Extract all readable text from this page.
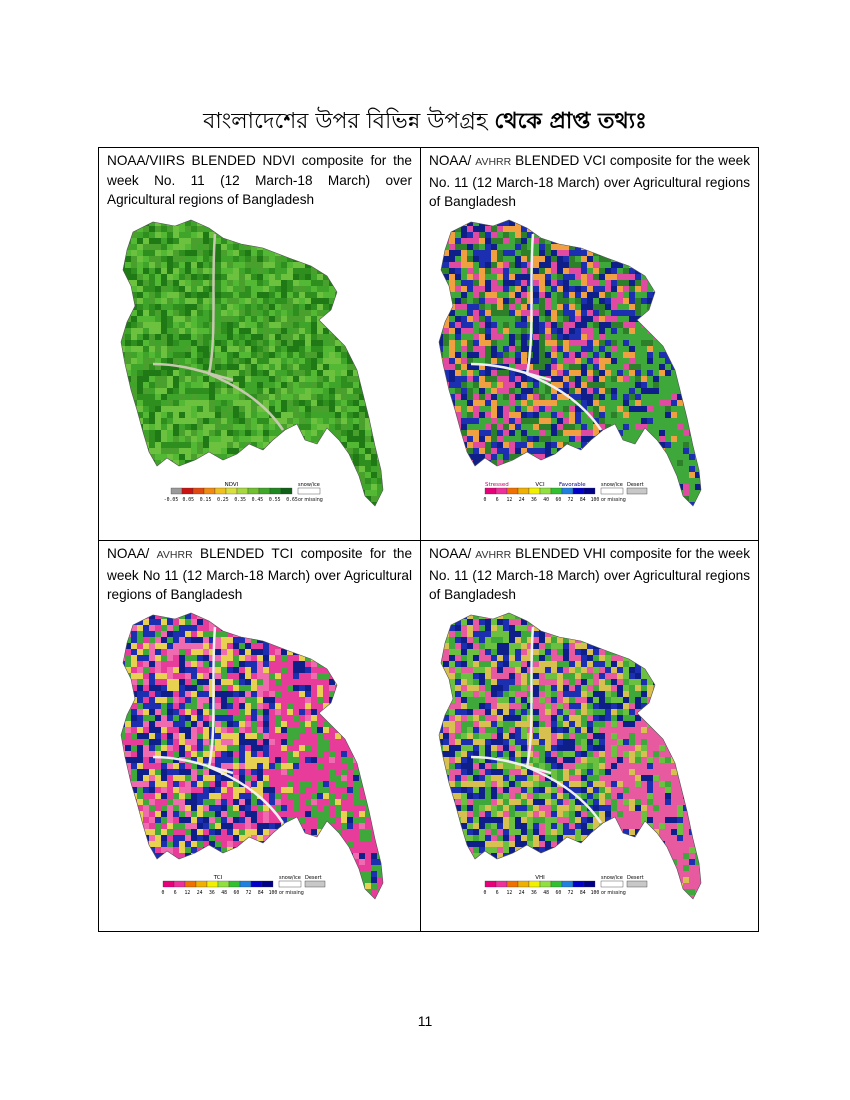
বাংলাদেশের উপর বিভিন্ন উপগ্রহ থেকে প্রাপ্ত তথ্যঃ
NOAA/VIIRS BLENDED NDVI composite for the week No. 11 (12 March-18 March) over Agricultural regions of Bangladesh
NDVI
-0.05 0.05 0.15 0.25 0.35 0.45 0.55 0.65
snow/ice
or missing
NOAA/ AVHRR BLENDED VCI composite for the week No. 11 (12 March-18 March) over Agricultural regions of Bangladesh
VCI
Stressed	Favorable
0 6 12 24 36 40 60 72 84 100
snow/ice
or missing
Desert
NOAA/ AVHRR BLENDED TCI composite for the week No 11 (12 March-18 March) over Agricultural regions of Bangladesh
TCI
0 6 12 24 36 48 60 72 84 100
snow/ice
or missing
Desert
NOAA/ AVHRR BLENDED VHI composite for the week No. 11 (12 March-18 March) over Agricultural regions of Bangladesh
VHI
0 6 12 24 36 48 60 72 84 100
snow/ice
or missing
Desert
11
